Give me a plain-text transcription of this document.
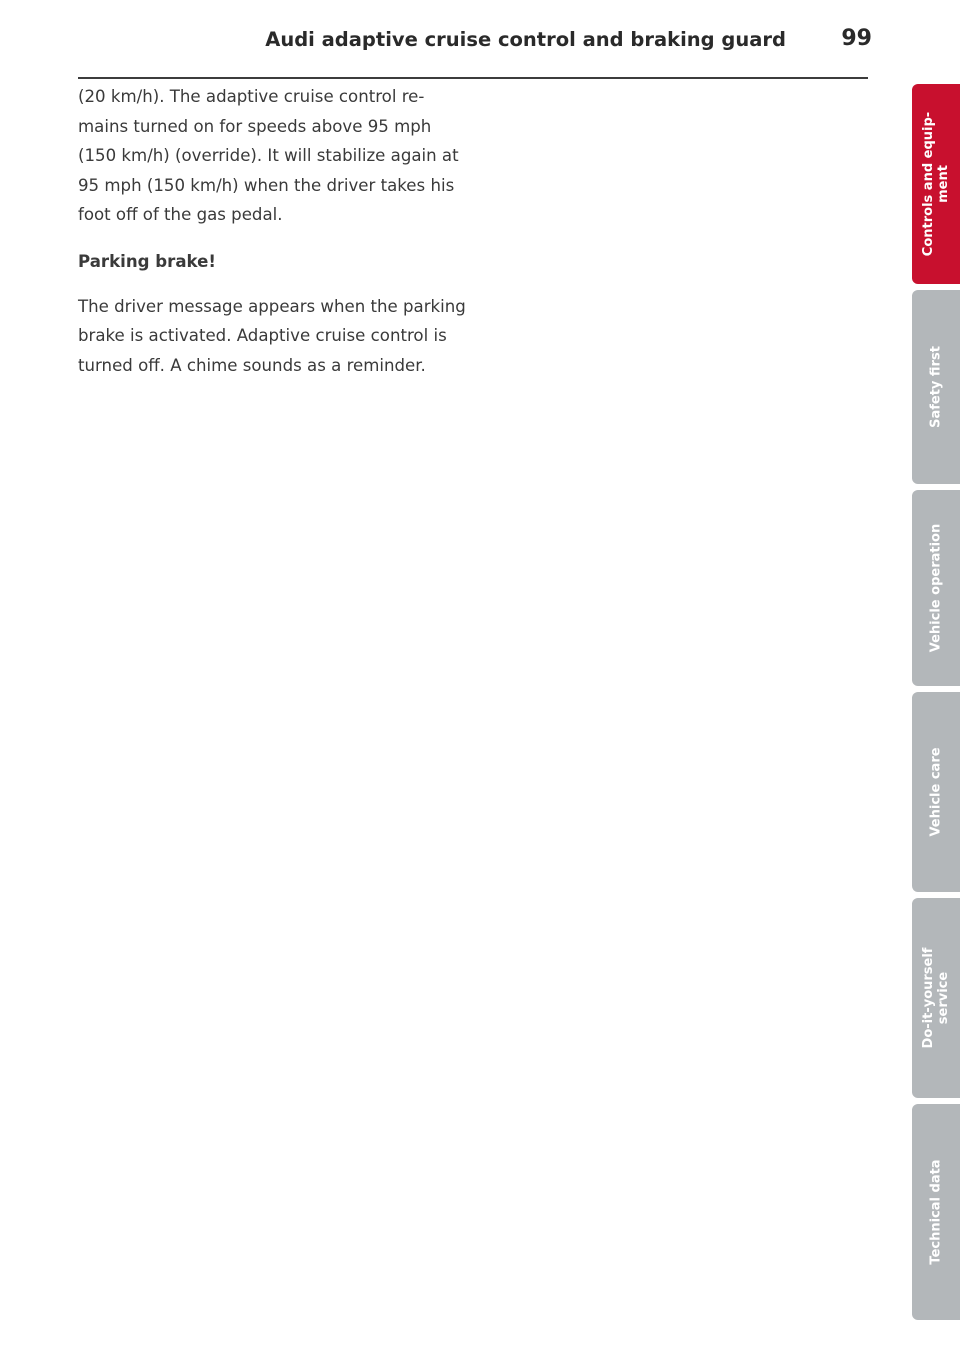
Audi adaptive cruise control and braking guard	99

(20 km/h). The adaptive cruise control re-
mains turned on for speeds above 95 mph
(150 km/h) (override). It will stabilize again at
95 mph (150 km/h) when the driver takes his
foot off of the gas pedal.

Parking brake!

The driver message appears when the parking
brake is activated. Adaptive cruise control is
turned off. A chime sounds as a reminder.

Controls and equip- ment
Safety first
Vehicle operation
Vehicle care
Do-it-yourself service
Technical data
